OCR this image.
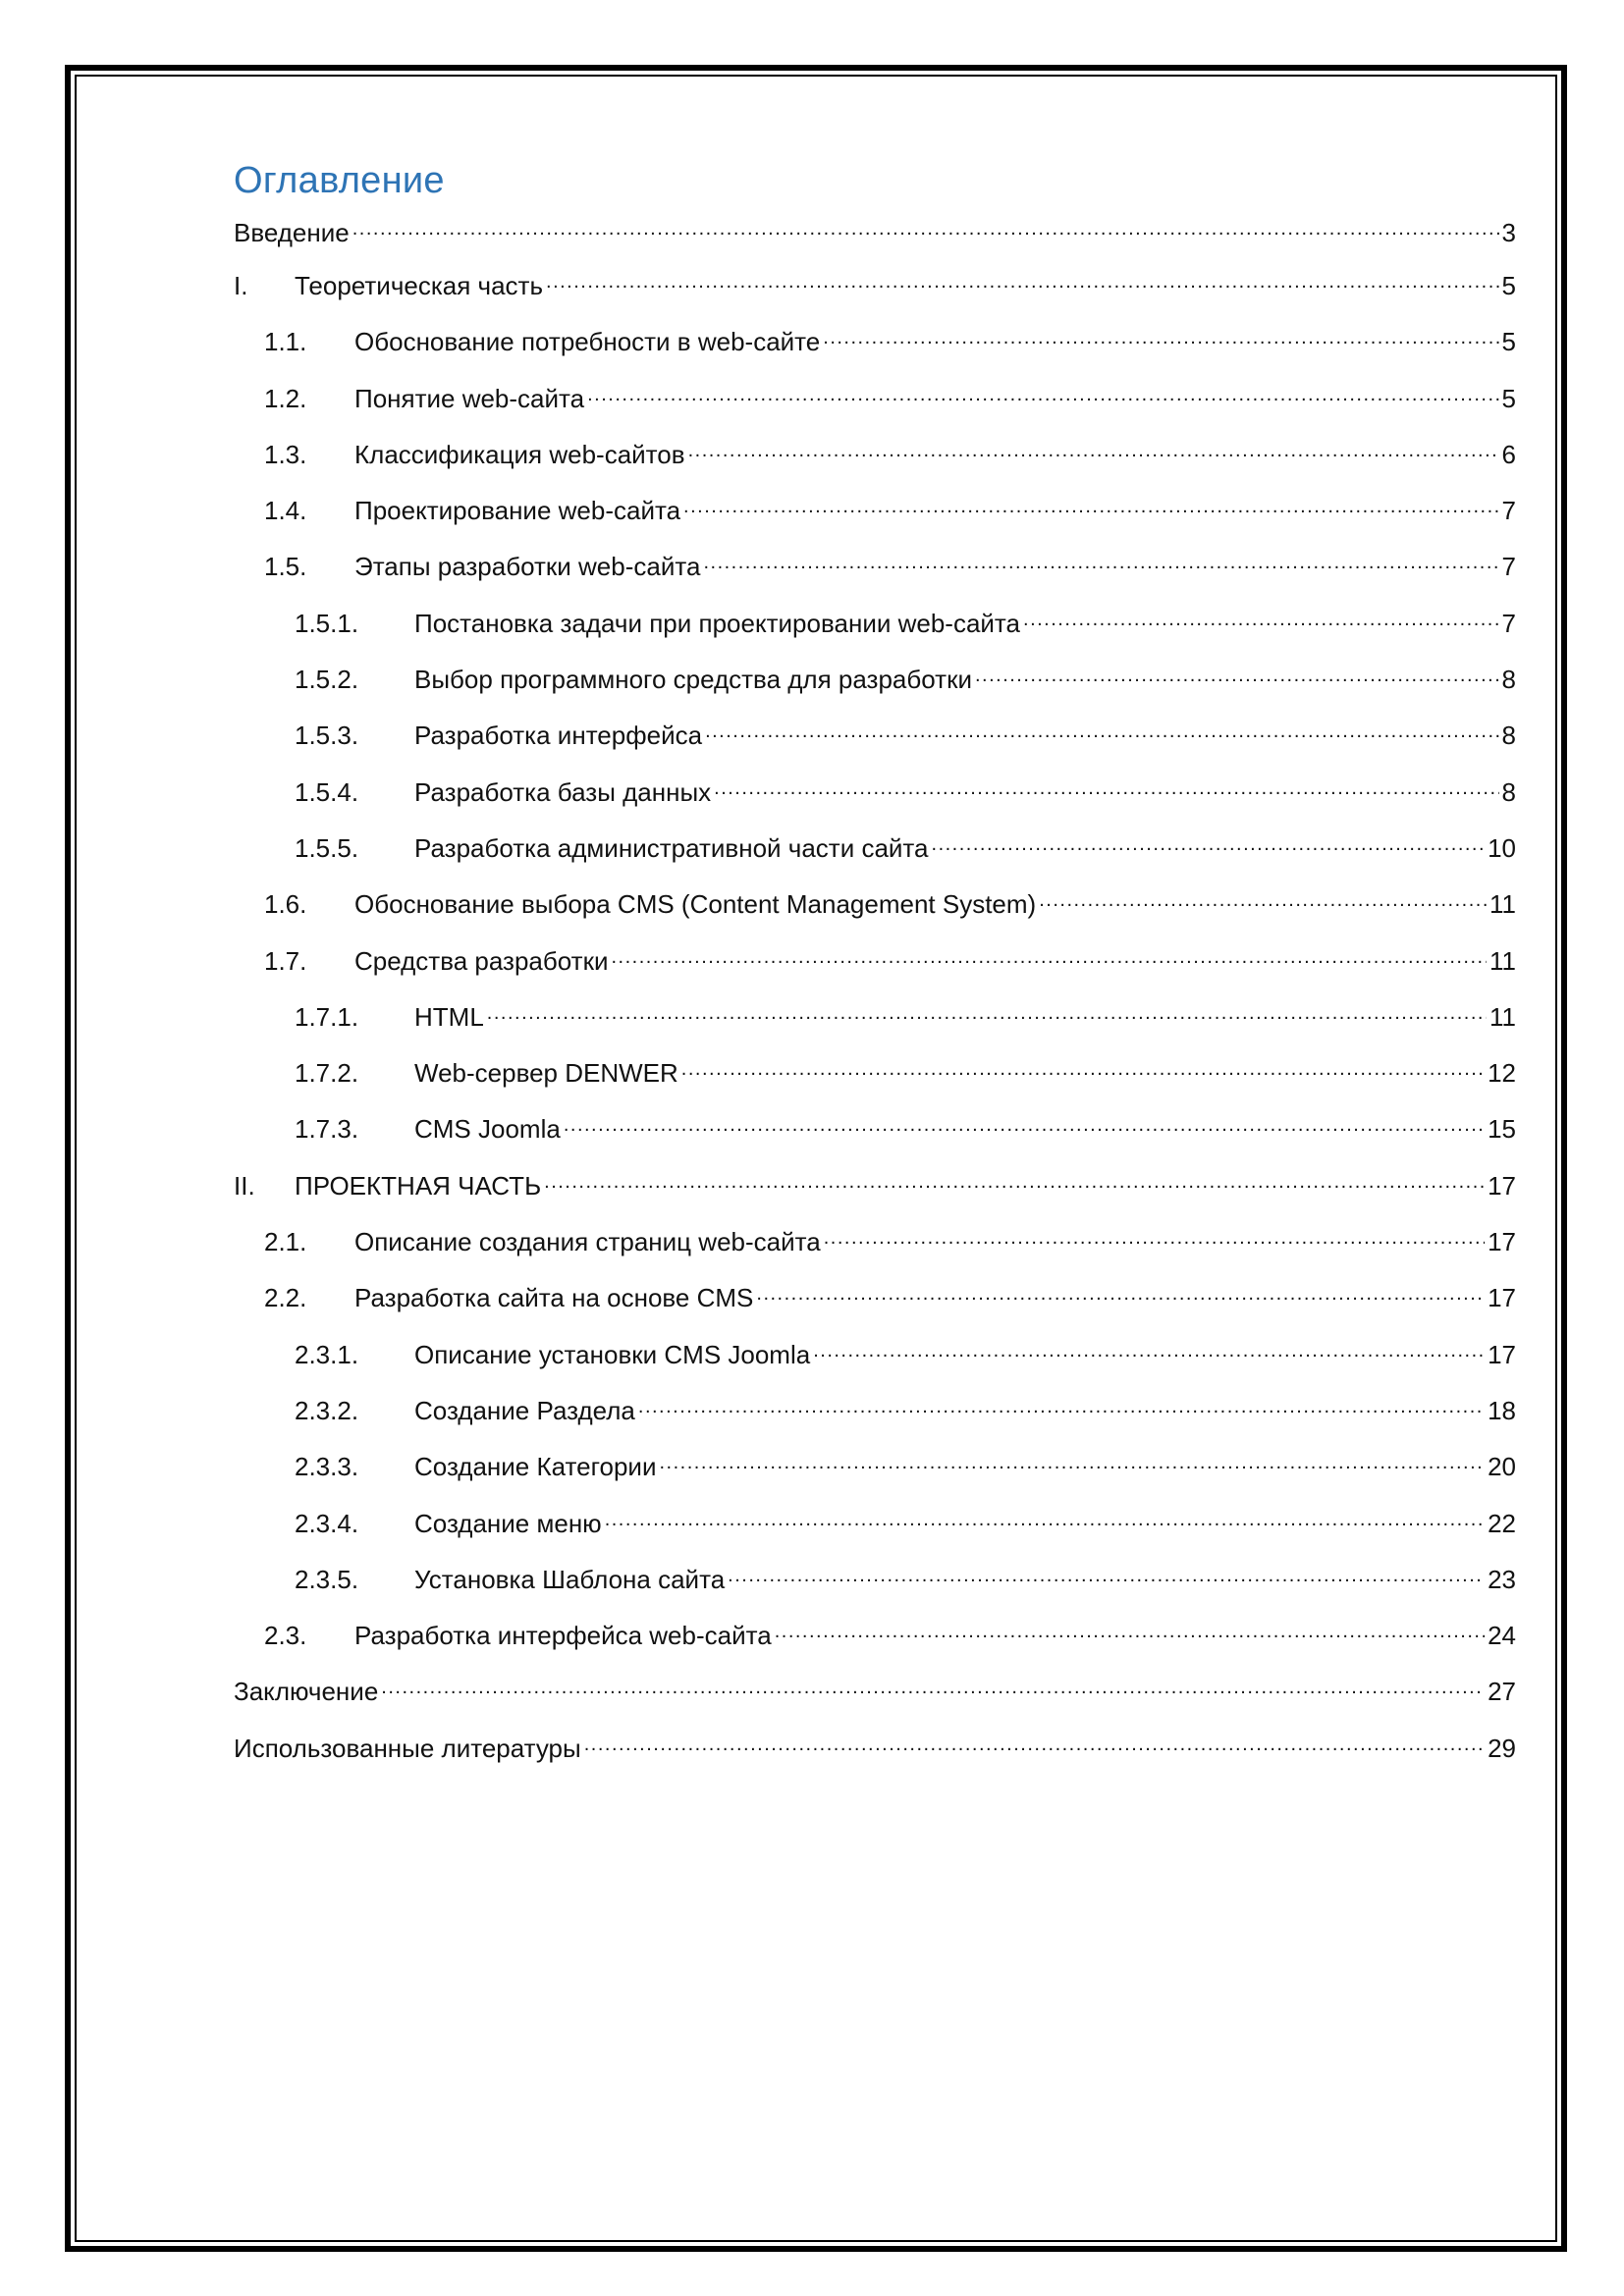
Оглавление
Введение .....	3
I.	Теоретическая часть .....	5
1.1.	Обоснование потребности в web-сайте .....	5
1.2.	Понятие web-сайта .....	5
1.3.	Классификация web-сайтов .....	6
1.4.	Проектирование web-сайта .....	7
1.5.	Этапы разработки web-сайта .....	7
1.5.1.	Постановка задачи при проектировании web-сайта .....	7
1.5.2.	Выбор программного средства для разработки .....	8
1.5.3.	Разработка интерфейса .....	8
1.5.4.	Разработка базы данных .....	8
1.5.5.	Разработка административной части сайта .....	10
1.6.	Обоснование выбора CMS (Content Management System) .....	11
1.7.	Средства разработки .....	11
1.7.1.	HTML .....	11
1.7.2.	Web-сервер DENWER .....	12
1.7.3.	CMS Joomla .....	15
II.	ПРОЕКТНАЯ ЧАСТЬ .....	17
2.1.	Описание создания страниц web-сайта .....	17
2.2.	Разработка сайта на основе CMS .....	17
2.3.1.	Описание установки CMS Joomla .....	17
2.3.2.	Создание Раздела .....	18
2.3.3.	Создание Категории .....	20
2.3.4.	Создание меню .....	22
2.3.5.	Установка Шаблона сайта .....	23
2.3.	Разработка интерфейса web-сайта .....	24
Заключение .....	27
Использованные литературы .....	29
